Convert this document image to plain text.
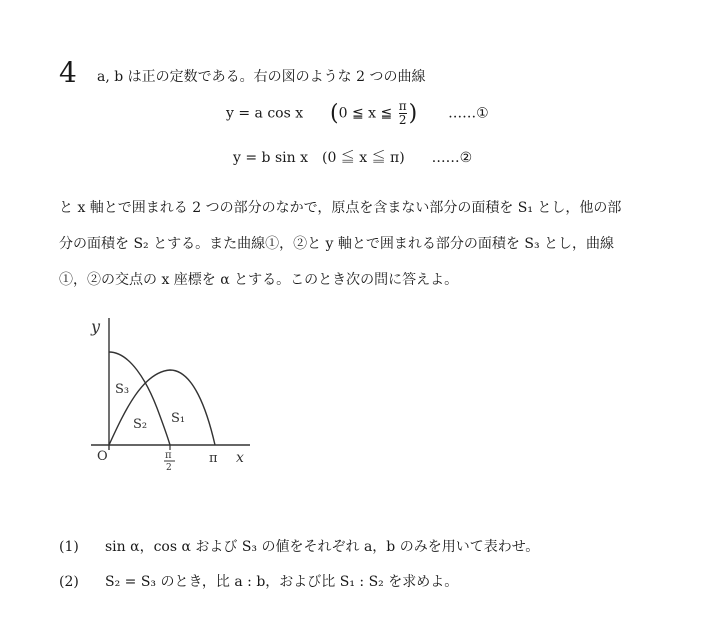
4 a, b は正の定数である。右の図のような 2 つの曲線
y = a cos x (0 ≦ x ≦ $\frac{\pi}{2}$ ) ……①
y = b sin x　(0 ≦ x ≦ π) ……②
と x 軸とで囲まれる 2 つの部分のなかで，原点を含まない部分の面積を S₁ とし，他の部
分の面積を S₂ とする。また曲線①，②と y 軸とで囲まれる部分の面積を S₃ とし，曲線
①，②の交点の x 座標を α とする。このとき次の問に答えよ。
y
O	π
2
π x
S₃
S₂ S₁
(1) sin α，cos α および S₃ の値をそれぞれ a，b のみを用いて表わせ。
(2) S₂ = S₃ のとき，比 a : b，および比 S₁ : S₂ を求めよ。
